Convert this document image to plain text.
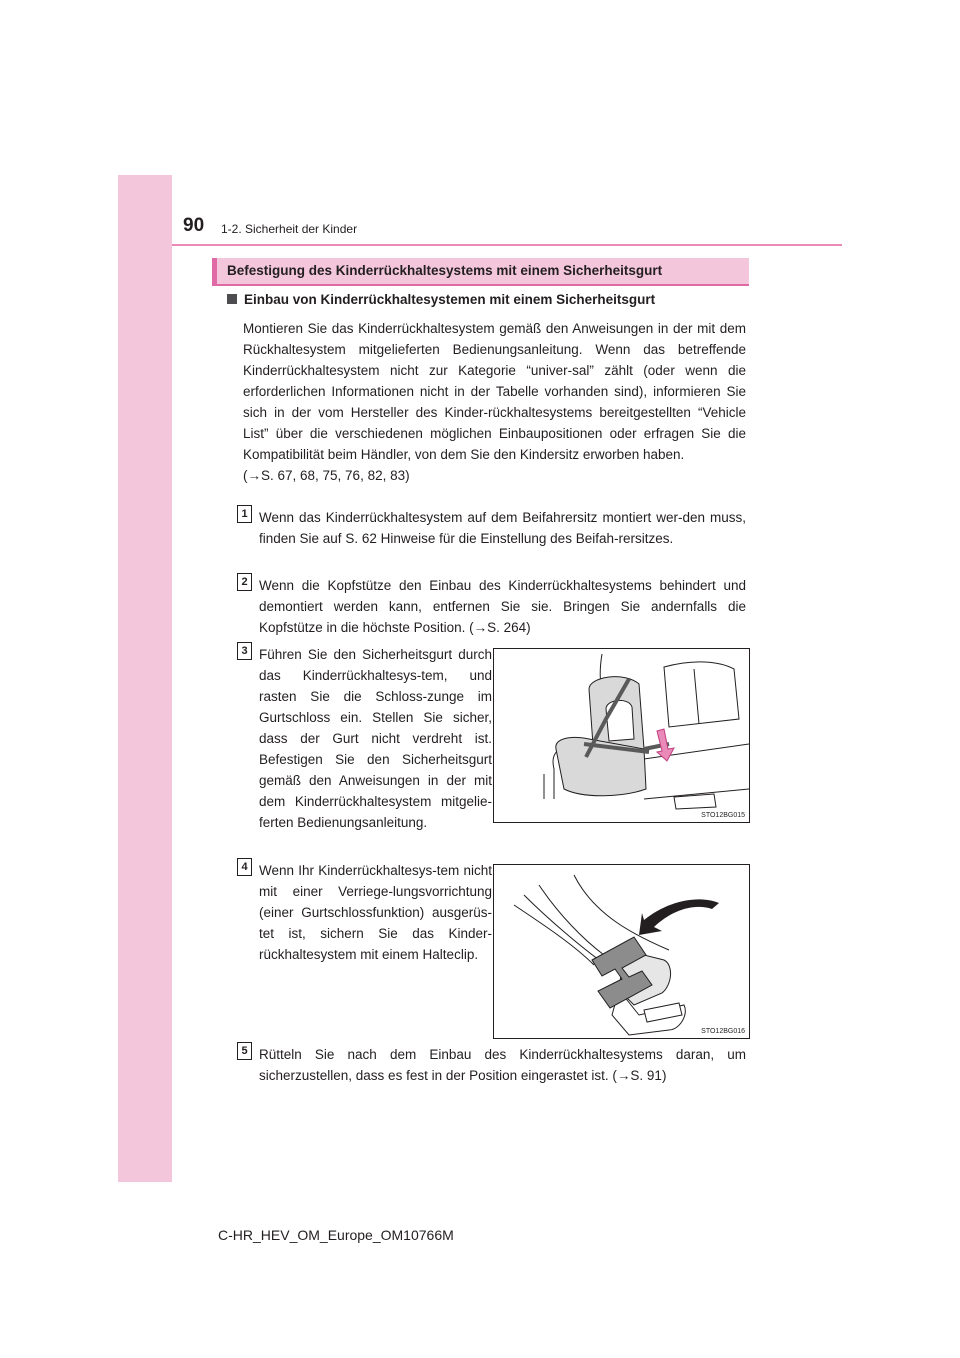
90 1-2. Sicherheit der Kinder
Befestigung des Kinderrückhaltesystems mit einem Sicherheitsgurt
Einbau von Kinderrückhaltesystemen mit einem Sicherheitsgurt
Montieren Sie das Kinderrückhaltesystem gemäß den Anweisungen in der mit dem Rückhaltesystem mitgelieferten Bedienungsanleitung. Wenn das betreffende Kinderrückhaltesystem nicht zur Kategorie “univer-sal” zählt (oder wenn die erforderlichen Informationen nicht in der Tabelle vorhanden sind), informieren Sie sich in der vom Hersteller des Kinder-rückhaltesystems bereitgestellten “Vehicle List” über die verschiedenen möglichen Einbaupositionen oder erfragen Sie die Kompatibilität beim Händler, von dem Sie den Kindersitz erworben haben.
(→S. 67, 68, 75, 76, 82, 83)
1 Wenn das Kinderrückhaltesystem auf dem Beifahrersitz montiert wer-den muss, finden Sie auf S. 62 Hinweise für die Einstellung des Beifah-rersitzes.
2 Wenn die Kopfstütze den Einbau des Kinderrückhaltesystems behindert und demontiert werden kann, entfernen Sie sie. Bringen Sie andernfalls die Kopfstütze in die höchste Position. (→S. 264)
3 Führen Sie den Sicherheitsgurt durch das Kinderrückhaltesys-tem, und rasten Sie die Schloss-zunge im Gurtschloss ein. Stellen Sie sicher, dass der Gurt nicht verdreht ist. Befestigen Sie den Sicherheitsgurt gemäß den Anweisungen in der mit dem Kinderrückhaltesystem mitgelie-ferten Bedienungsanleitung.	STO12BG015
4 Wenn Ihr Kinderrückhaltesys-tem nicht mit einer Verriege-lungsvorrichtung (einer Gurtschlossfunktion) ausgerüs-tet ist, sichern Sie das Kinder-rückhaltesystem mit einem Halteclip.
STO12BG016
5 Rütteln Sie nach dem Einbau des Kinderrückhaltesystems daran, um sicherzustellen, dass es fest in der Position eingerastet ist. (→S. 91)
C-HR_HEV_OM_Europe_OM10766M
